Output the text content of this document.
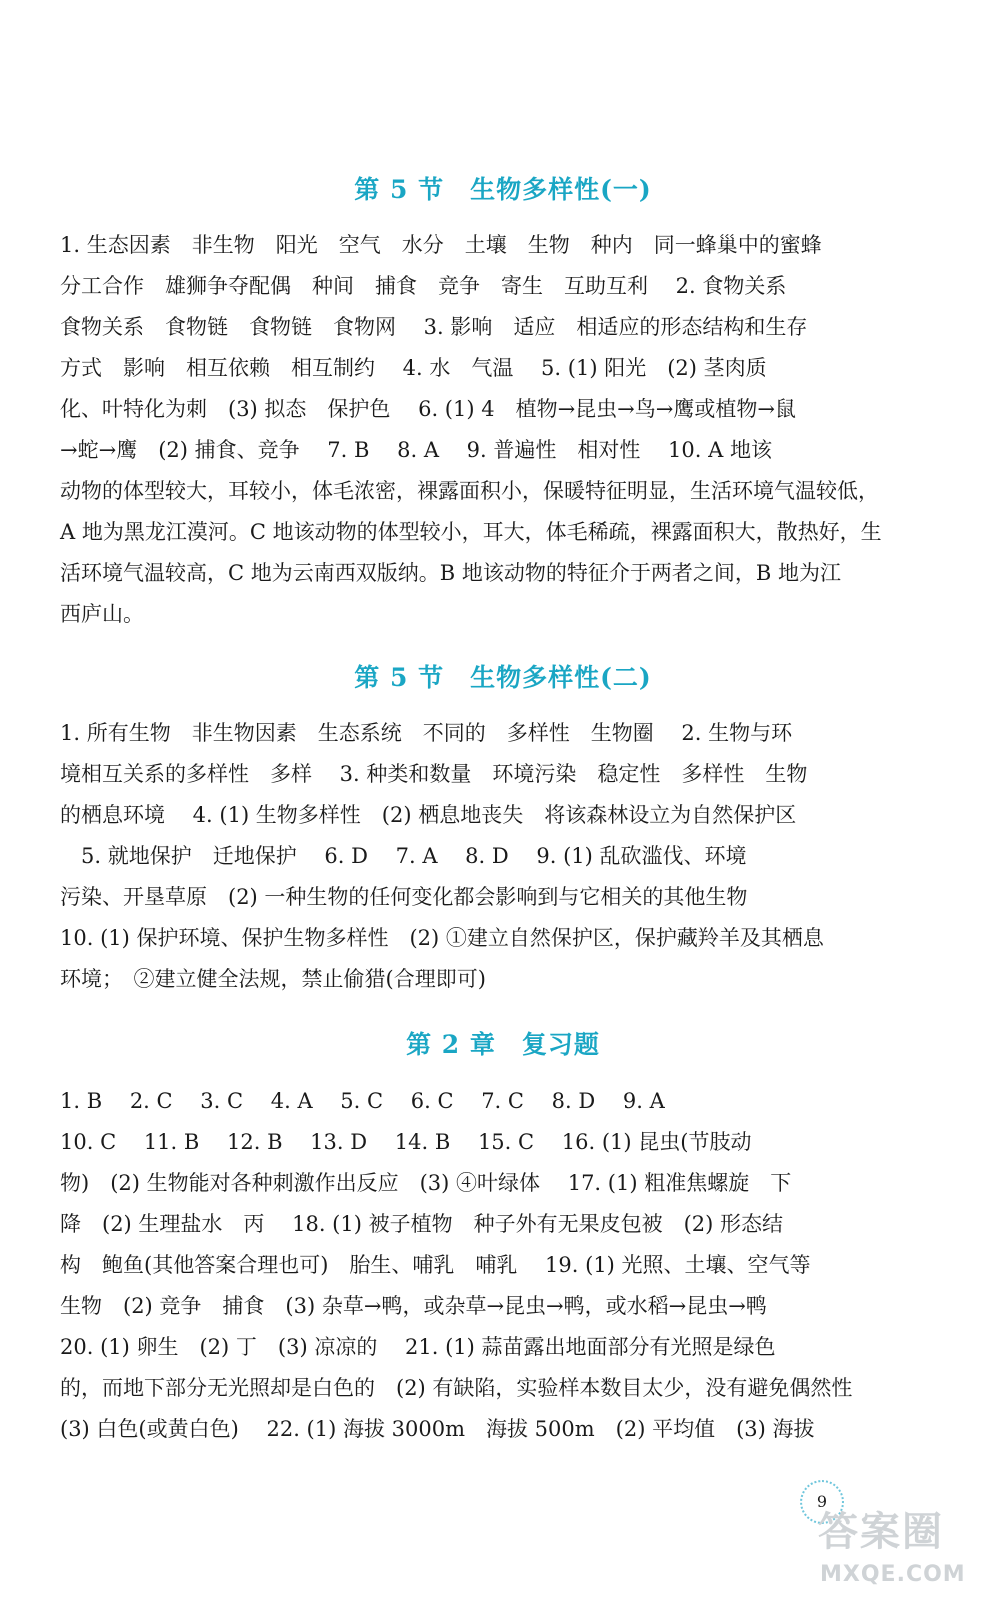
第 5 节　生物多样性(一)
1. 生态因素　非生物　阳光　空气　水分　土壤　生物　种内　同一蜂巢中的蜜蜂
分工合作　雄狮争夺配偶　种间　捕食　竞争　寄生　互助互利　 2. 食物关系
食物关系　食物链　食物链　食物网　 3. 影响　适应　相适应的形态结构和生存
方式　影响　相互依赖　相互制约　 4. 水　气温　 5. (1) 阳光　(2) 茎肉质
化、叶特化为刺　(3) 拟态　保护色　 6. (1) 4　植物→昆虫→鸟→鹰或植物→鼠
→蛇→鹰　(2) 捕食、竞争　 7. B　 8. A　 9. 普遍性　相对性　 10. A 地该
动物的体型较大，耳较小，体毛浓密，裸露面积小，保暖特征明显，生活环境气温较低，
A 地为黑龙江漠河。C 地该动物的体型较小，耳大，体毛稀疏，裸露面积大，散热好，生
活环境气温较高，C 地为云南西双版纳。B 地该动物的特征介于两者之间，B 地为江
西庐山。
第 5 节　生物多样性(二)
1. 所有生物　非生物因素　生态系统　不同的　多样性　生物圈　 2. 生物与环
境相互关系的多样性　多样　 3. 种类和数量　环境污染　稳定性　多样性　生物
的栖息环境　 4. (1) 生物多样性　(2) 栖息地丧失　将该森林设立为自然保护区
　5. 就地保护　迁地保护　 6. D　 7. A　 8. D　 9. (1) 乱砍滥伐、环境
污染、开垦草原　(2) 一种生物的任何变化都会影响到与它相关的其他生物
10. (1) 保护环境、保护生物多样性　(2) ①建立自然保护区，保护藏羚羊及其栖息
环境；　②建立健全法规，禁止偷猎(合理即可)
第 2 章　复习题
1. B　 2. C　 3. C　 4. A　 5. C　 6. C　 7. C　 8. D　 9. A
10. C　 11. B　 12. B　 13. D　 14. B　 15. C　 16. (1) 昆虫(节肢动
物)　(2) 生物能对各种刺激作出反应　(3) ④叶绿体　 17. (1) 粗准焦螺旋　下
降　(2) 生理盐水　丙　 18. (1) 被子植物　种子外有无果皮包被　(2) 形态结
构　鲍鱼(其他答案合理也可)　胎生、哺乳　哺乳　 19. (1) 光照、土壤、空气等
生物　(2) 竞争　捕食　(3) 杂草→鸭，或杂草→昆虫→鸭，或水稻→昆虫→鸭
20. (1) 卵生　(2) 丁　(3) 凉凉的　 21. (1) 蒜苗露出地面部分有光照是绿色
的，而地下部分无光照却是白色的　(2) 有缺陷，实验样本数目太少，没有避免偶然性
(3) 白色(或黄白色)　 22. (1) 海拔 3000m　海拔 500m　(2) 平均值　(3) 海拔
9
答案圈
MXQE.COM
